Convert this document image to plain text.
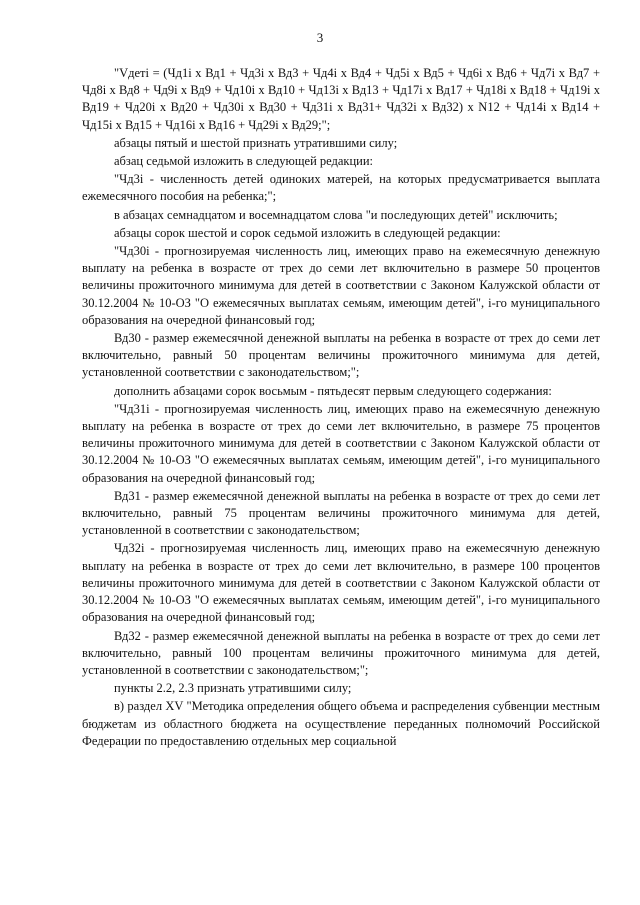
3

"Vдетi = (Чд1i х Вд1 + Чд3i х Вд3 + Чд4i х Вд4 + Чд5i х Вд5 + Чд6i х Вд6 + Чд7i х Вд7 + Чд8i х Вд8 + Чд9i х Вд9 + Чд10i х Вд10 + Чд13i х Вд13 + Чд17i х Вд17 + Чд18i х Вд18 + Чд19i х Вд19 + Чд20i х Вд20 + Чд30i х Вд30 + Чд31i х Вд31+ Чд32i х Вд32) х N12 + Чд14i х Вд14 + Чд15i х Вд15 + Чд16i х Вд16 + Чд29i х Вд29;";

абзацы пятый и шестой признать утратившими силу;

абзац седьмой изложить в следующей редакции:

"Чд3i - численность детей одиноких матерей, на которых предусматривается выплата ежемесячного пособия на ребенка;";

в абзацах семнадцатом и восемнадцатом слова "и последующих детей" исключить;

абзацы сорок шестой и сорок седьмой изложить в следующей редакции:

"Чд30i - прогнозируемая численность лиц, имеющих право на ежемесячную денежную выплату на ребенка в возрасте от трех до семи лет включительно в размере 50 процентов величины прожиточного минимума для детей в соответствии с Законом Калужской области от 30.12.2004 № 10-ОЗ "О ежемесячных выплатах семьям, имеющим детей", i-го муниципального образования на очередной финансовый год;

Вд30 - размер ежемесячной денежной выплаты на ребенка в возрасте от трех до семи лет включительно, равный 50 процентам величины прожиточного минимума для детей, установленной соответствии с законодательством;";

дополнить абзацами сорок восьмым - пятьдесят первым следующего содержания:

"Чд31i - прогнозируемая численность лиц, имеющих право на ежемесячную денежную выплату на ребенка в возрасте от трех до семи лет включительно, в размере 75 процентов величины прожиточного минимума для детей в соответствии с Законом Калужской области от 30.12.2004 № 10-ОЗ "О ежемесячных выплатах семьям, имеющим детей", i-го муниципального образования на очередной финансовый год;

Вд31 - размер ежемесячной денежной выплаты на ребенка в возрасте от трех до семи лет включительно, равный 75 процентам величины прожиточного минимума для детей, установленной в соответствии с законодательством;

Чд32i - прогнозируемая численность лиц, имеющих право на ежемесячную денежную выплату на ребенка в возрасте от трех до семи лет включительно, в размере 100 процентов величины прожиточного минимума для детей в соответствии с Законом Калужской области от 30.12.2004 № 10-ОЗ "О ежемесячных выплатах семьям, имеющим детей", i-го муниципального образования на очередной финансовый год;

Вд32 - размер ежемесячной денежной выплаты на ребенка в возрасте от трех до семи лет включительно, равный 100 процентам величины прожиточного минимума для детей, установленной в соответствии с законодательством;";

пункты 2.2, 2.3 признать утратившими силу;

в) раздел XV "Методика определения общего объема и распределения субвенции местным бюджетам из областного бюджета на осуществление переданных полномочий Российской Федерации по предоставлению отдельных мер социальной
